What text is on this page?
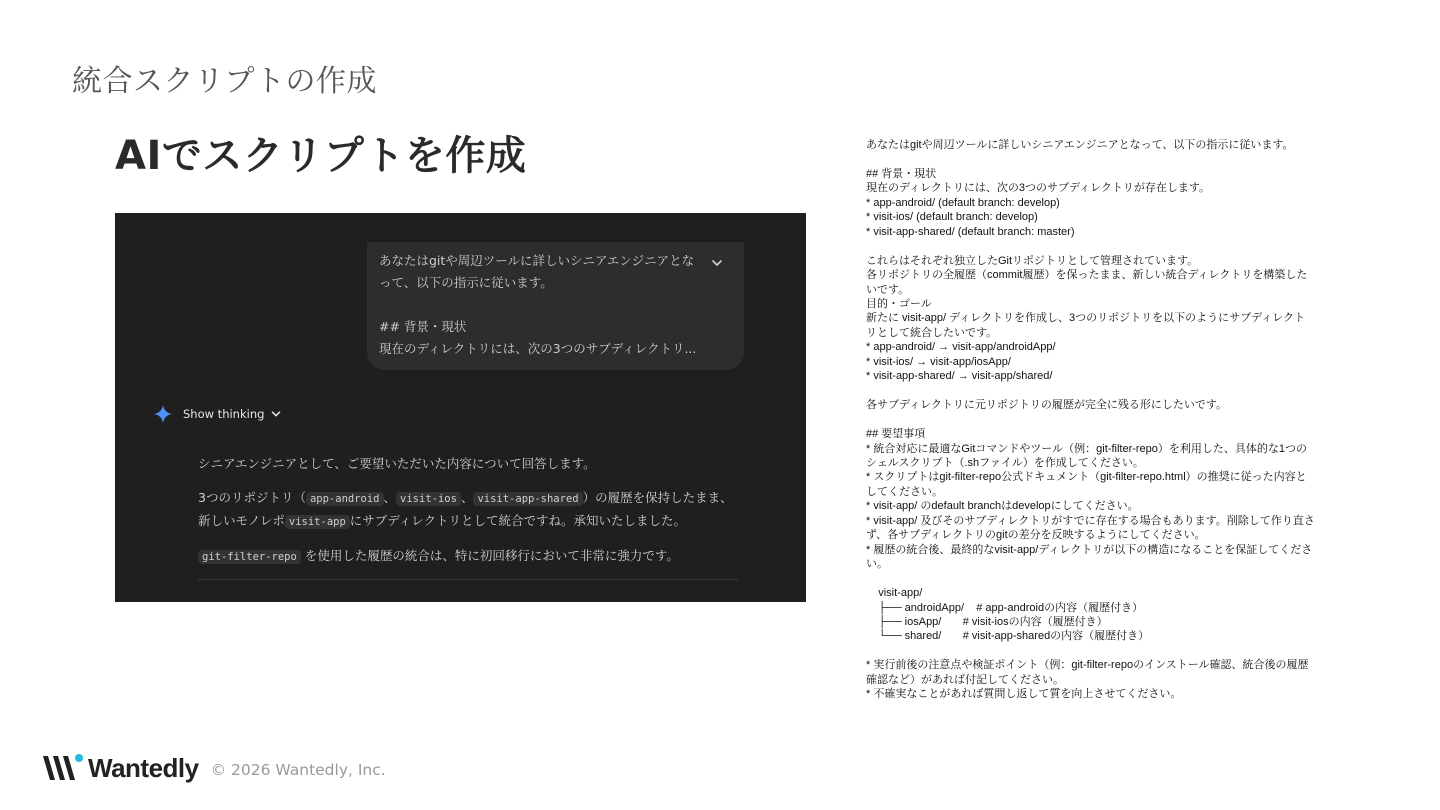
統合スクリプトの作成
AIでスクリプトを作成
あなたはgitや周辺ツールに詳しいシニアエンジニアとな
って、以下の指示に従います。
## 背景・現状
現在のディレクトリには、次の3つのサブディレクトリ...
Show thinking

シニアエンジニアとして、ご要望いただいた内容について回答します。

3つのリポジトリ（ app-android 、 visit-ios 、 visit-app-shared ）の履歴を保持したまま、新しいモノレポ visit-app にサブディレクトリとして統合ですね。承知いたしました。

git-filter-repo を使用した履歴の統合は、特に初回移行において非常に強力です。

あなたはgitや周辺ツールに詳しいシニアエンジニアとなって、以下の指示に従います。

## 背景・現状
現在のディレクトリには、次の3つのサブディレクトリが存在します。
* app-android/ (default branch: develop)
* visit-ios/ (default branch: develop)
* visit-app-shared/ (default branch: master)

これらはそれぞれ独立したGitリポジトリとして管理されています。
各リポジトリの全履歴（commit履歴）を保ったまま、新しい統合ディレクトリを構築したいです。
目的・ゴール
新たに visit-app/ ディレクトリを作成し、3つのリポジトリを以下のようにサブディレクトリとして統合したいです。
* app-android/ → visit-app/androidApp/
* visit-ios/ → visit-app/iosApp/
* visit-app-shared/ → visit-app/shared/

各サブディレクトリに元リポジトリの履歴が完全に残る形にしたいです。

## 要望事項
* 統合対応に最適なGitコマンドやツール（例：git-filter-repo）を利用した、具体的な1つのシェルスクリプト（.shファイル）を作成してください。
* スクリプトはgit-filter-repo公式ドキュメント（git-filter-repo.html）の推奨に従った内容としてください。
* visit-app/ のdefault branchはdevelopにしてください。
* visit-app/ 及びそのサブディレクトリがすでに存在する場合もあります。削除して作り直さず、各サブディレクトリのgitの差分を反映するようにしてください。
* 履歴の統合後、最終的なvisit-app/ディレクトリが以下の構造になることを保証してください。

visit-app/
├── androidApp/    # app-androidの内容（履歴付き）
├── iosApp/       # visit-iosの内容（履歴付き）
└── shared/       # visit-app-sharedの内容（履歴付き）

* 実行前後の注意点や検証ポイント（例：git-filter-repoのインストール確認、統合後の履歴確認など）があれば付記してください。
* 不確実なことがあれば質問し返して質を向上させてください。
Wantedly © 2026 Wantedly, Inc.
